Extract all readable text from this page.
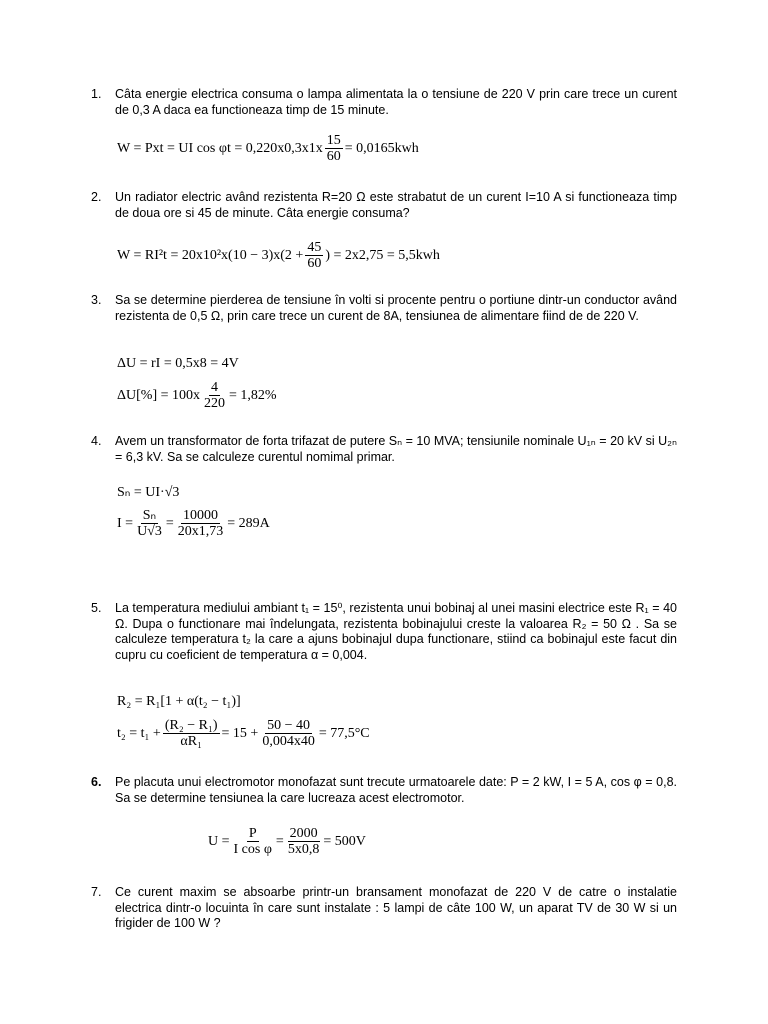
1. Câta energie electrica consuma o lampa alimentata la o tensiune de 220 V prin care trece un curent de 0,3 A daca ea functioneaza timp de 15 minute.

W = Pxt = UI $\cos \varphi t = 0,220x0,3x1x \frac{15}{60} = 0,0165kwh$
2. Un radiator electric având rezistenta R=20 Ω este strabatut de un curent I=10 A si functioneaza timp de doua ore si 45 de minute. Câta energie consuma?

$W = RI^2t = 20x10^2x(10 - 3)x(2 + \frac{45}{60}$ ) = 2x2,75 = 5,5kwh
3. Sa se determine pierderea de tensiune în volti si procente pentru o portiune dintr-un conductor având rezistenta de 0,5 Ω, prin care trece un curent de 8A, tensiunea de alimentare fiind de de 220 V.

ΔU = rI = 0,5x8 = 4V
$\Delta U[\%] = 100x \frac{4}{220} = 1,82\%$
4. Avem un transformator de forta trifazat de putere Sₙ = 10 MVA; tensiunile nominale U₁ₙ = 20 kV si U₂ₙ = 6,3 kV. Sa se calculeze curentul nomimal primar.

Sₙ = UI·√3
$I = \frac{\text{Sₙ}}{U√3} = \frac{10000}{20x1,73} = 289A$
5. La temperatura mediului ambiant t₁ = 15⁰, rezistenta unui bobinaj al unei masini electrice este R₁ = 40 Ω. Dupa o functionare mai îndelungata, rezistenta bobinajului creste la valoarea R₂ = 50 Ω . Sa se calculeze temperatura t₂ la care a ajuns bobinajul dupa functionare, stiind ca bobinajul este facut din cupru cu coeficient de temperatura α = 0,004.

R₂ = R₁[1 + α(t₂ − t₁)]
$t_2 = t_1 + \frac{\text{(R₂ − R₁)}}{\text{αR₁}} = 15 + \frac{50 - 40}{0,004x40} = 77,5^\circ C$
6. Pe placuta unui electromotor monofazat sunt trecute urmatoarele date: P = 2 kW, I = 5 A, cos φ = 0,8. Sa se determine tensiunea la care lucreaza acest electromotor.

$U = \frac{P}{\text{I cos φ}} = \frac{2000}{5x0,8} = 500V$
7. Ce curent maxim se absoarbe printr-un bransament monofazat de 220 V de catre o instalatie electrica dintr-o locuinta în care sunt instalate : 5 lampi de câte 100 W, un aparat TV de 30 W si un frigider de 100 W ?
